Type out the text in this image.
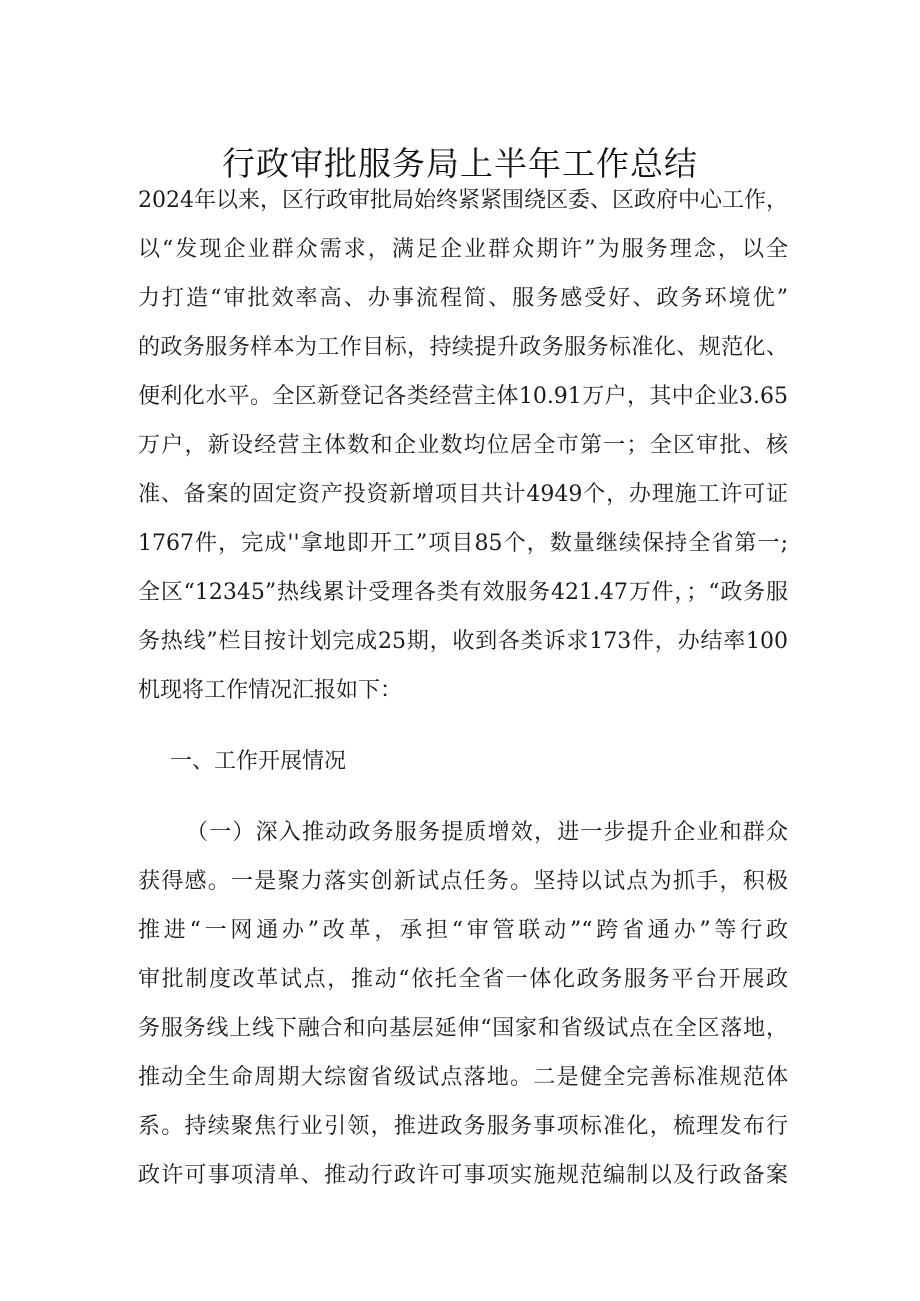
行政审批服务局上半年工作总结
2024年以来，区行政审批局始终紧紧围绕区委、区政府中心工作，
以“发现企业群众需求，满足企业群众期许”为服务理念，以全
力打造“审批效率高、办事流程简、服务感受好、政务环境优”
的政务服务样本为工作目标，持续提升政务服务标准化、规范化、
便利化水平。全区新登记各类经营主体10.91万户，其中企业3.65
万户，新设经营主体数和企业数均位居全市第一；全区审批、核
准、备案的固定资产投资新增项目共计4949个，办理施工许可证
1767件，完成''拿地即开工”项目85个，数量继续保持全省第一;
全区“12345”热线累计受理各类有效服务421.47万件，；“政务服
务热线”栏目按计划完成25期，收到各类诉求173件，办结率100
机现将工作情况汇报如下：
一、工作开展情况
（一）深入推动政务服务提质增效，进一步提升企业和群众
获得感。一是聚力落实创新试点任务。坚持以试点为抓手，积极
推进“一网通办”改革，承担“审管联动”“跨省通办”等行政
审批制度改革试点，推动“依托全省一体化政务服务平台开展政
务服务线上线下融合和向基层延伸“国家和省级试点在全区落地，
推动全生命周期大综窗省级试点落地。二是健全完善标准规范体
系。持续聚焦行业引领，推进政务服务事项标准化，梳理发布行
政许可事项清单、推动行政许可事项实施规范编制以及行政备案
